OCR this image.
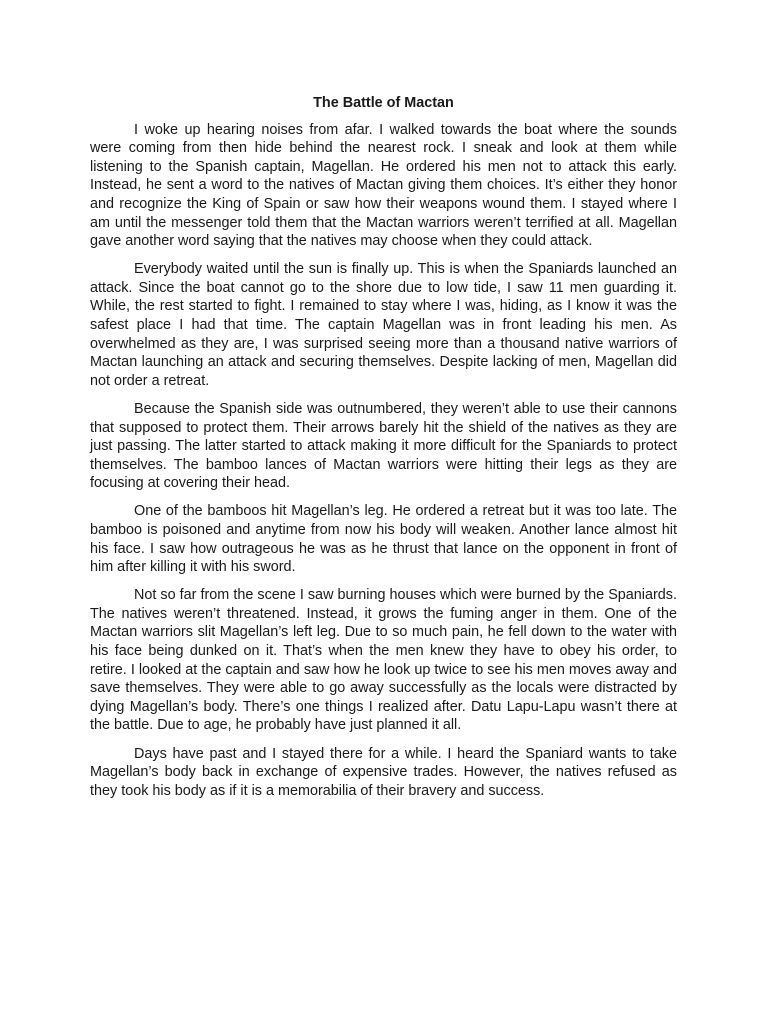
The Battle of Mactan

I woke up hearing noises from afar. I walked towards the boat where the sounds were coming from then hide behind the nearest rock. I sneak and look at them while listening to the Spanish captain, Magellan. He ordered his men not to attack this early. Instead, he sent a word to the natives of Mactan giving them choices. It’s either they honor and recognize the King of Spain or saw how their weapons wound them. I stayed where I am until the messenger told them that the Mactan warriors weren’t terrified at all. Magellan gave another word saying that the natives may choose when they could attack.

Everybody waited until the sun is finally up. This is when the Spaniards launched an attack. Since the boat cannot go to the shore due to low tide, I saw 11 men guarding it. While, the rest started to fight. I remained to stay where I was, hiding, as I know it was the safest place I had that time. The captain Magellan was in front leading his men. As overwhelmed as they are, I was surprised seeing more than a thousand native warriors of Mactan launching an attack and securing themselves. Despite lacking of men, Magellan did not order a retreat.

Because the Spanish side was outnumbered, they weren’t able to use their cannons that supposed to protect them. Their arrows barely hit the shield of the natives as they are just passing. The latter started to attack making it more difficult for the Spaniards to protect themselves. The bamboo lances of Mactan warriors were hitting their legs as they are focusing at covering their head.

One of the bamboos hit Magellan’s leg. He ordered a retreat but it was too late. The bamboo is poisoned and anytime from now his body will weaken. Another lance almost hit his face. I saw how outrageous he was as he thrust that lance on the opponent in front of him after killing it with his sword.

Not so far from the scene I saw burning houses which were burned by the Spaniards. The natives weren’t threatened. Instead, it grows the fuming anger in them. One of the Mactan warriors slit Magellan’s left leg. Due to so much pain, he fell down to the water with his face being dunked on it. That’s when the men knew they have to obey his order, to retire. I looked at the captain and saw how he look up twice to see his men moves away and save themselves. They were able to go away successfully as the locals were distracted by dying Magellan’s body. There’s one things I realized after. Datu Lapu-Lapu wasn’t there at the battle. Due to age, he probably have just planned it all.

Days have past and I stayed there for a while. I heard the Spaniard wants to take Magellan’s body back in exchange of expensive trades. However, the natives refused as they took his body as if it is a memorabilia of their bravery and success.
